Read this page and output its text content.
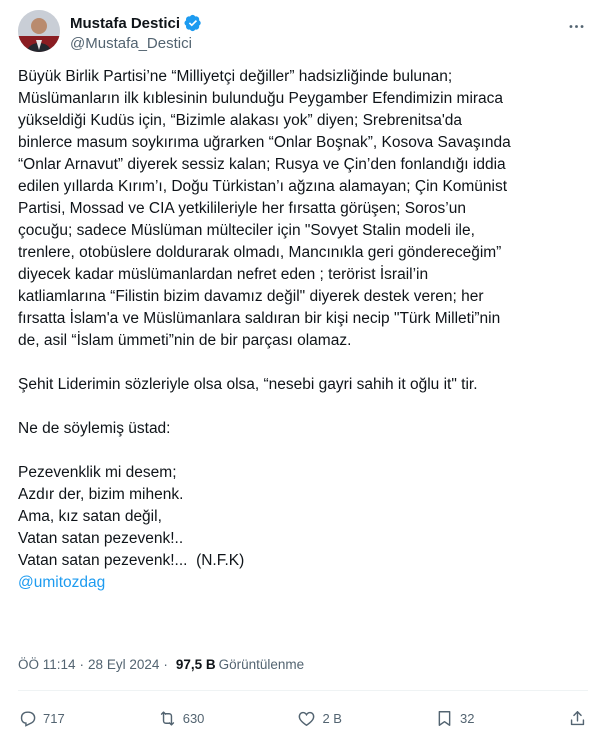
Mustafa Destici
@Mustafa_Destici
Büyük Birlik Partisi’ne “Milliyetçi değiller” hadsizliğinde bulunan;
Müslümanların ilk kıblesinin bulunduğu Peygamber Efendimizin miraca
yükseldiği Kudüs için, “Bizimle alakası yok” diyen; Srebrenitsa'da
binlerce masum soykırıma uğrarken “Onlar Boşnak”, Kosova Savaşında
“Onlar Arnavut” diyerek sessiz kalan; Rusya ve Çin’den fonlandığı iddia
edilen yıllarda Kırım’ı, Doğu Türkistan’ı ağzına alamayan; Çin Komünist
Partisi, Mossad ve CIA yetkilileriyle her fırsatta görüşen; Soros’un
çocuğu; sadece Müslüman mülteciler için "Sovyet Stalin modeli ile,
trenlere, otobüslere doldurarak olmadı, Mancınıkla geri göndereceğim”
diyecek kadar müslümanlardan nefret eden ; terörist İsrail’in
katliamlarına “Filistin bizim davamız değil" diyerek destek veren; her
fırsatta İslam'a ve Müslümanlara saldıran bir kişi necip "Türk Milleti”nin
de, asil “İslam ümmeti”nin de bir parçası olamaz.
Şehit Liderimin sözleriyle olsa olsa, “nesebi gayri sahih it oğlu it" tir.
Ne de söylemiş üstad:
Pezevenklik mi desem;
Azdır der, bizim mihenk.
Ama, kız satan değil,
Vatan satan pezevenk!..
Vatan satan pezevenk!...  (N.F.K)
@umitozdag
ÖÖ 11:14 · 28 Eyl 2024 · 97,5 B Görüntülenme
717	630	2 B	32
